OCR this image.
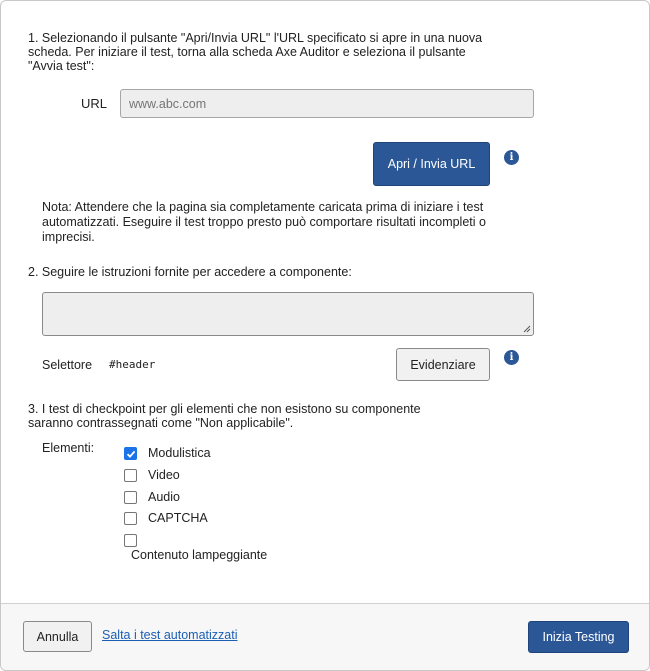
1. Selezionando il pulsante "Apri/Invia URL" l'URL specificato si apre in una nuova scheda. Per iniziare il test, torna alla scheda Axe Auditor e seleziona il pulsante "Avvia test":
URL
www.abc.com
Apri / Invia URL	i
Nota: Attendere che la pagina sia completamente caricata prima di iniziare i test automatizzati. Eseguire il test troppo presto può comportare risultati incompleti o imprecisi.
2. Seguire le istruzioni fornite per accedere a componente:
Selettore #header	Evidenziare	i
3. I test di checkpoint per gli elementi che non esistono su componente saranno contrassegnati come "Non applicabile".
Elementi:	Modulistica
Video
Audio
CAPTCHA
Contenuto lampeggiante
Annulla	Salta i test automatizzati	Inizia Testing
